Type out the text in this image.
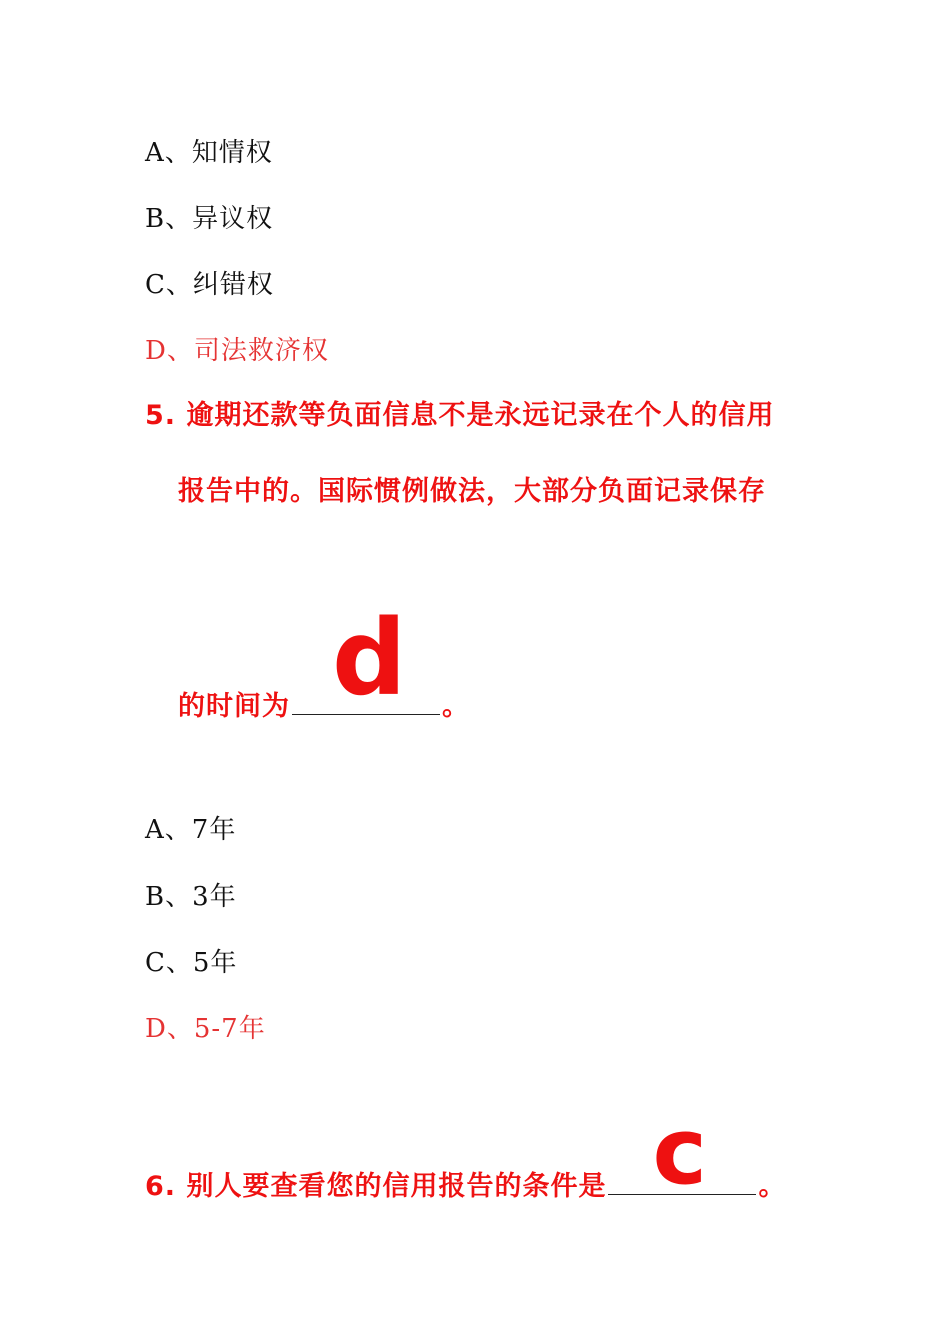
A、知情权
B、异议权
C、纠错权
D、司法救济权
5. 逾期还款等负面信息不是永远记录在个人的信用
报告中的。国际惯例做法，大部分负面记录保存
的时间为 d 。
A、7年
B、3年
C、5年
D、5-7年
6. 别人要查看您的信用报告的条件是 c 。
